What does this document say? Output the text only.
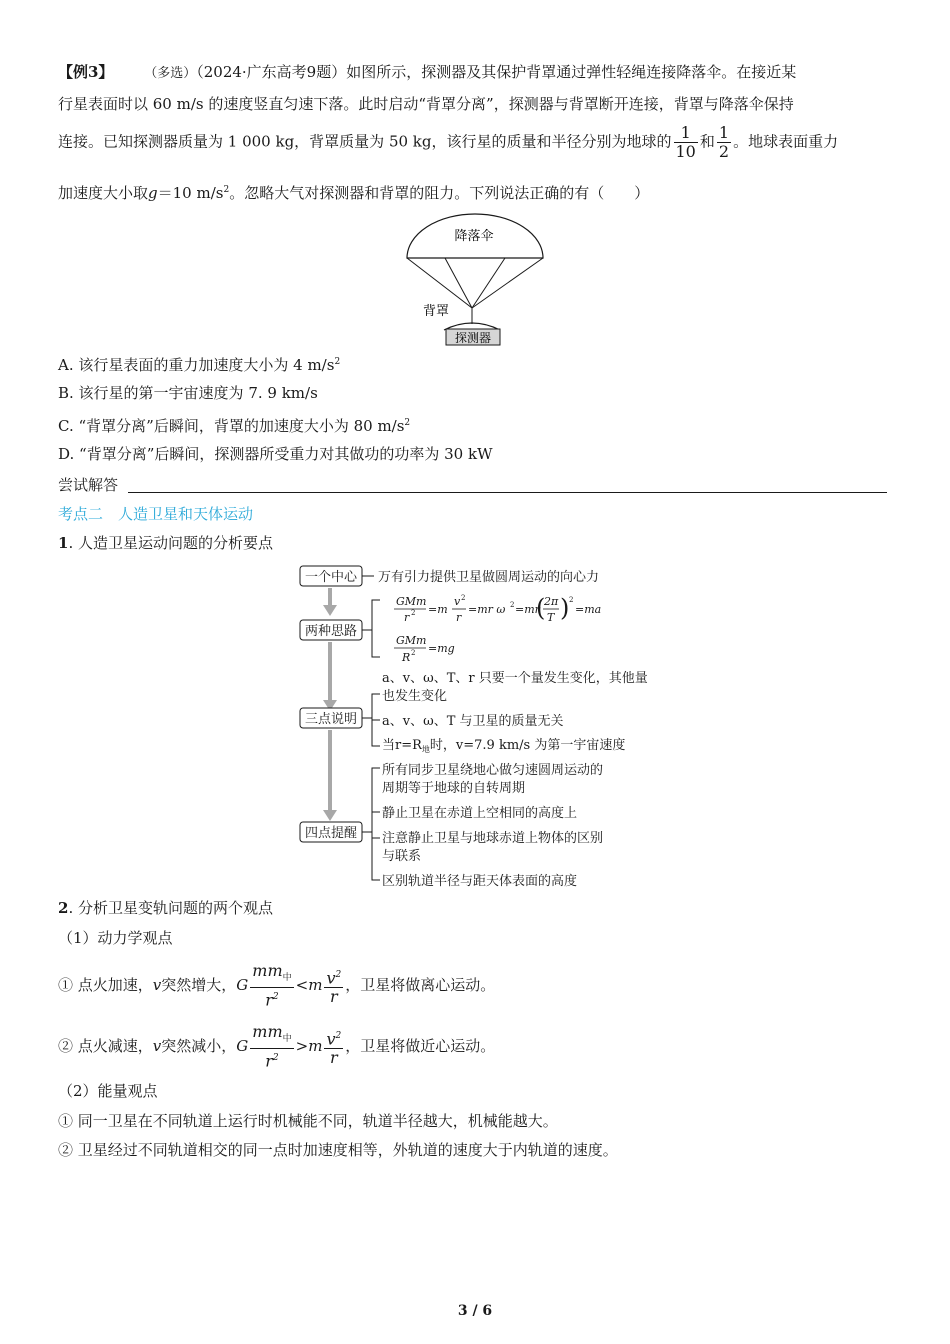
【例3】 （多选）（2024·广东高考9题）如图所示，探测器及其保护背罩通过弹性轻绳连接降落伞。在接近某
行星表面时以 60 m/s 的速度竖直匀速下落。此时启动“背罩分离”，探测器与背罩断开连接，背罩与降落伞保持
连接。已知探测器质量为 1 000 kg，背罩质量为 50 kg，该行星的质量和半径分别为地球的 $\frac{1}{10}$ 和 $\frac{1}{2}$ 。地球表面重力
加速度大小取g＝10 $m/s^2$。忽略大气对探测器和背罩的阻力。下列说法正确的有（　　）
降落伞
背罩
探测器
A. 该行星表面的重力加速度大小为 4 $m/s^2$
B. 该行星的第一宇宙速度为 7. 9 km/s
C. “背罩分离”后瞬间，背罩的加速度大小为 80 $m/s^2$
D. “背罩分离”后瞬间，探测器所受重力对其做功的功率为 30 kW
尝试解答
考点二　人造卫星和天体运动
1. 人造卫星运动问题的分析要点
一个中心
两种思路
三点说明
四点提醒
万有引力提供卫星做圆周运动的向心力
GMm
r 2 =m
v 2
r
=mr ω 2 =mr
(
2π
T ) 2
=ma
GMm
R 2 =mg
a、v、ω、T、r 只要一个量发生变化，其他量
也发生变化
a、v、ω、T 与卫星的质量无关
当$r=R_地$时，v=7.9 km/s 为第一宇宙速度
所有同步卫星绕地心做匀速圆周运动的
周期等于地球的自转周期
静止卫星在赤道上空相同的高度上
注意静止卫星与地球赤道上物体的区别
与联系
区别轨道半径与距天体表面的高度
2. 分析卫星变轨问题的两个观点
（1）动力学观点
① 点火加速，v突然增大，G $\frac{mm_中}{r^2} <m \frac{v^2}{r}$ ，卫星将做离心运动。
② 点火减速，v突然减小，G $\frac{mm_中}{r^2} >m \frac{v^2}{r}$ ，卫星将做近心运动。
（2）能量观点
① 同一卫星在不同轨道上运行时机械能不同，轨道半径越大，机械能越大。
② 卫星经过不同轨道相交的同一点时加速度相等，外轨道的速度大于内轨道的速度。
3 / 6
